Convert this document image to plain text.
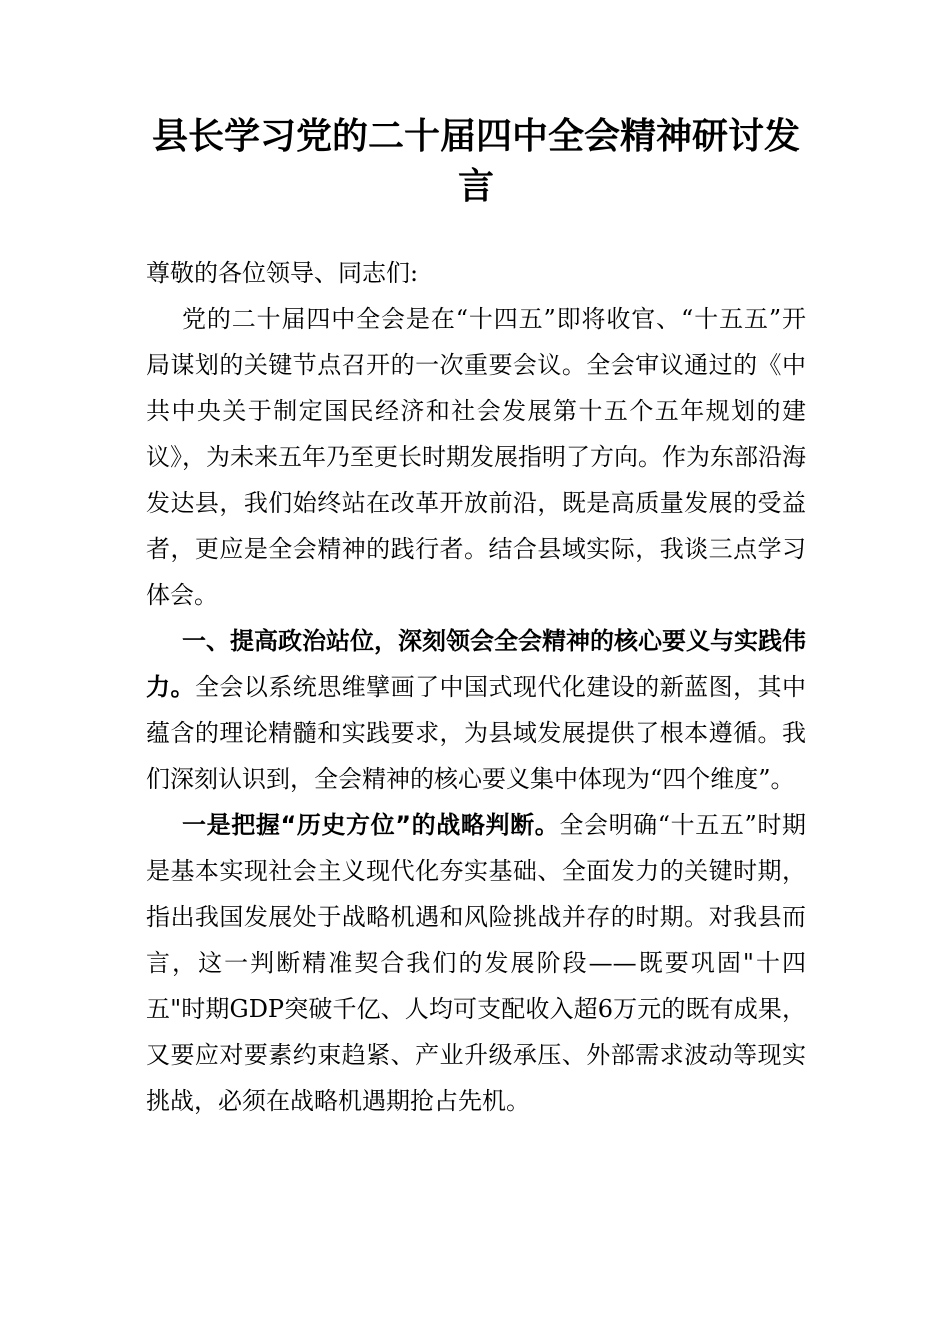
县长学习党的二十届四中全会精神研讨发
言

尊敬的各位领导、同志们:

党的二十届四中全会是在“十四五”即将收官、“十五五”开局谋划的关键节点召开的一次重要会议。全会审议通过的《中共中央关于制定国民经济和社会发展第十五个五年规划的建议》，为未来五年乃至更长时期发展指明了方向。作为东部沿海发达县，我们始终站在改革开放前沿，既是高质量发展的受益者，更应是全会精神的践行者。结合县域实际，我谈三点学习体会。

一、提高政治站位，深刻领会全会精神的核心要义与实践伟力。全会以系统思维擘画了中国式现代化建设的新蓝图，其中蕴含的理论精髓和实践要求，为县域发展提供了根本遵循。我们深刻认识到，全会精神的核心要义集中体现为“四个维度”。

一是把握“历史方位”的战略判断。全会明确“十五五”时期是基本实现社会主义现代化夯实基础、全面发力的关键时期，指出我国发展处于战略机遇和风险挑战并存的时期。对我县而言，这一判断精准契合我们的发展阶段——既要巩固"十四五"时期GDP突破千亿、人均可支配收入超6万元的既有成果，又要应对要素约束趋紧、产业升级承压、外部需求波动等现实挑战，必须在战略机遇期抢占先机。
